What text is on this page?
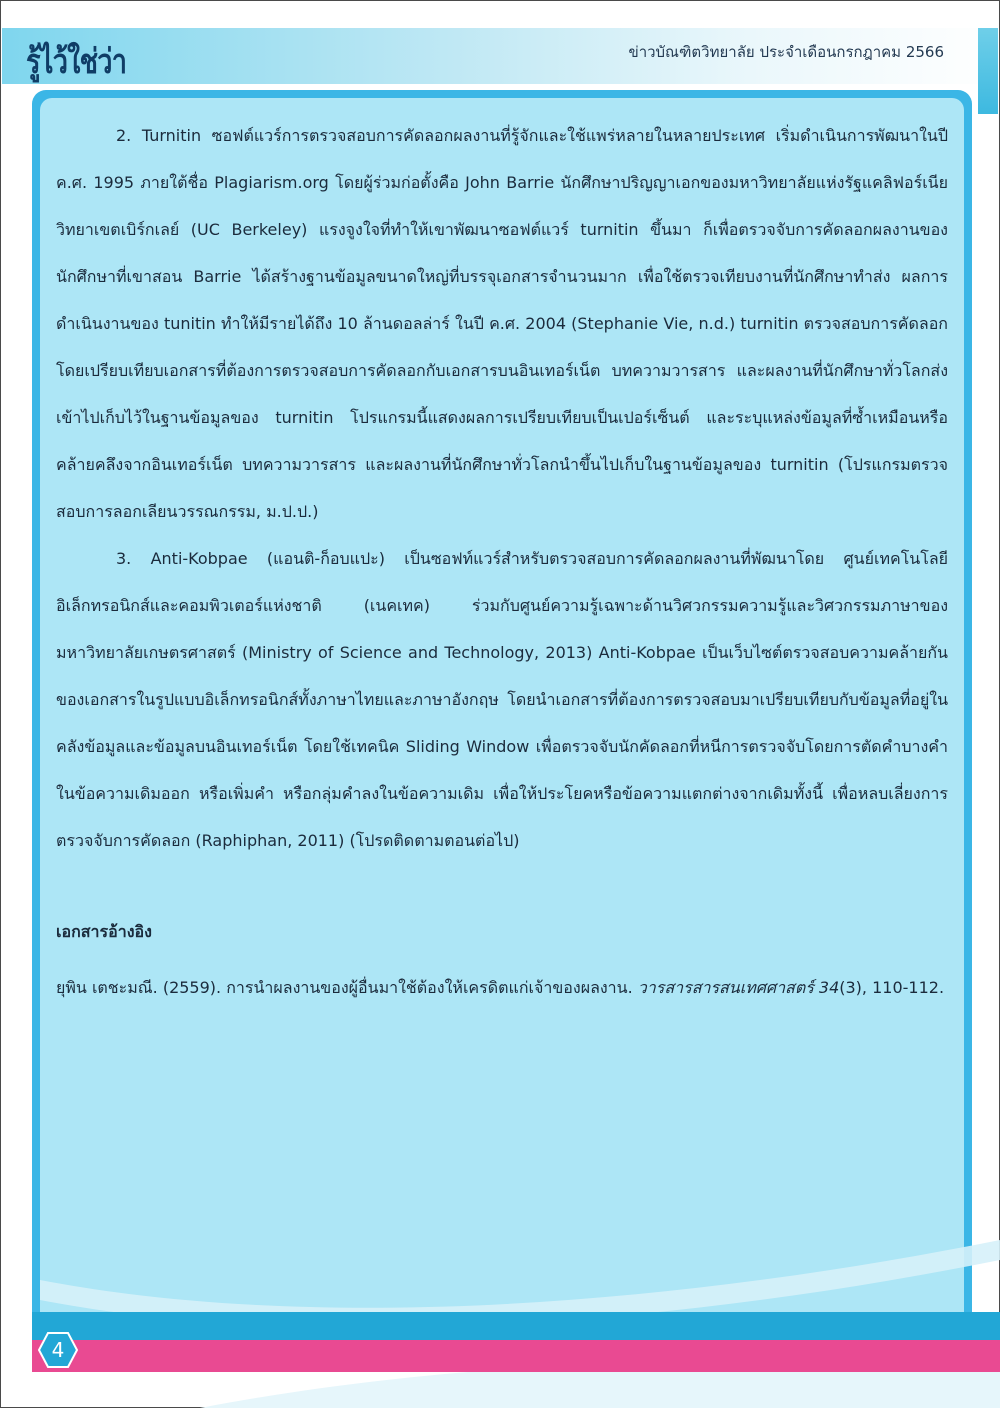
รู้ไว้ใช่ว่า	ข่าวบัณฑิตวิทยาลัย ประจำเดือนกรกฎาคม 2566

2. Turnitin ซอฟต์แวร์การตรวจสอบการคัดลอกผลงานที่รู้จักและใช้แพร่หลายในหลายประเทศ เริ่มดำเนินการพัฒนาในปี ค.ศ. 1995 ภายใต้ชื่อ Plagiarism.org โดยผู้ร่วมก่อตั้งคือ John Barrie นักศึกษาปริญญาเอกของมหาวิทยาลัยแห่งรัฐแคลิฟอร์เนีย วิทยาเขตเบิร์กเลย์ (UC Berkeley) แรงจูงใจที่ทำให้เขาพัฒนาซอฟต์แวร์ turnitin ขึ้นมา ก็เพื่อตรวจจับการคัดลอกผลงานของนักศึกษาที่เขาสอน Barrie ได้สร้างฐานข้อมูลขนาดใหญ่ที่บรรจุเอกสารจำนวนมาก เพื่อใช้ตรวจเทียบงานที่นักศึกษาทำส่ง ผลการดำเนินงานของ tunitin ทำให้มีรายได้ถึง 10 ล้านดอลล่าร์ ในปี ค.ศ. 2004 (Stephanie Vie, n.d.) turnitin ตรวจสอบการคัดลอกโดยเปรียบเทียบเอกสารที่ต้องการตรวจสอบการคัดลอกกับเอกสารบนอินเทอร์เน็ต บทความวารสาร และผลงานที่นักศึกษาทั่วโลกส่งเข้าไปเก็บไว้ในฐานข้อมูลของ turnitin โปรแกรมนี้แสดงผลการเปรียบเทียบเป็นเปอร์เซ็นต์ และระบุแหล่งข้อมูลที่ซ้ำเหมือนหรือคล้ายคลึงจากอินเทอร์เน็ต บทความวารสาร และผลงานที่นักศึกษาทั่วโลกนำขึ้นไปเก็บในฐานข้อมูลของ turnitin (โปรแกรมตรวจสอบการลอกเลียนวรรณกรรม, ม.ป.ป.)

3. Anti-Kobpae (แอนติ-ก็อบแปะ) เป็นซอฟท์แวร์สำหรับตรวจสอบการคัดลอกผลงานที่พัฒนาโดย ศูนย์เทคโนโลยีอิเล็กทรอนิกส์และคอมพิวเตอร์แห่งชาติ (เนคเทค) ร่วมกับศูนย์ความรู้เฉพาะด้านวิศวกรรมความรู้และวิศวกรรมภาษาของมหาวิทยาลัยเกษตรศาสตร์ (Ministry of Science and Technology, 2013) Anti-Kobpae เป็นเว็บไซต์ตรวจสอบความคล้ายกันของเอกสารในรูปแบบอิเล็กทรอนิกส์ทั้งภาษาไทยและภาษาอังกฤษ โดยนำเอกสารที่ต้องการตรวจสอบมาเปรียบเทียบกับข้อมูลที่อยู่ในคลังข้อมูลและข้อมูลบนอินเทอร์เน็ต โดยใช้เทคนิค Sliding Window เพื่อตรวจจับนักคัดลอกที่หนีการตรวจจับโดยการตัดคำบางคำในข้อความเดิมออก หรือเพิ่มคำ หรือกลุ่มคำลงในข้อความเดิม เพื่อให้ประโยคหรือข้อความแตกต่างจากเดิมทั้งนี้ เพื่อหลบเลี่ยงการตรวจจับการคัดลอก (Raphiphan, 2011) (โปรดติดตามตอนต่อไป)

เอกสารอ้างอิง
ยุพิน เตชะมณี. (2559). การนำผลงานของผู้อื่นมาใช้ต้องให้เครดิตแก่เจ้าของผลงาน. วารสารสารสนเทศศาสตร์ 34(3), 110-112.
4
